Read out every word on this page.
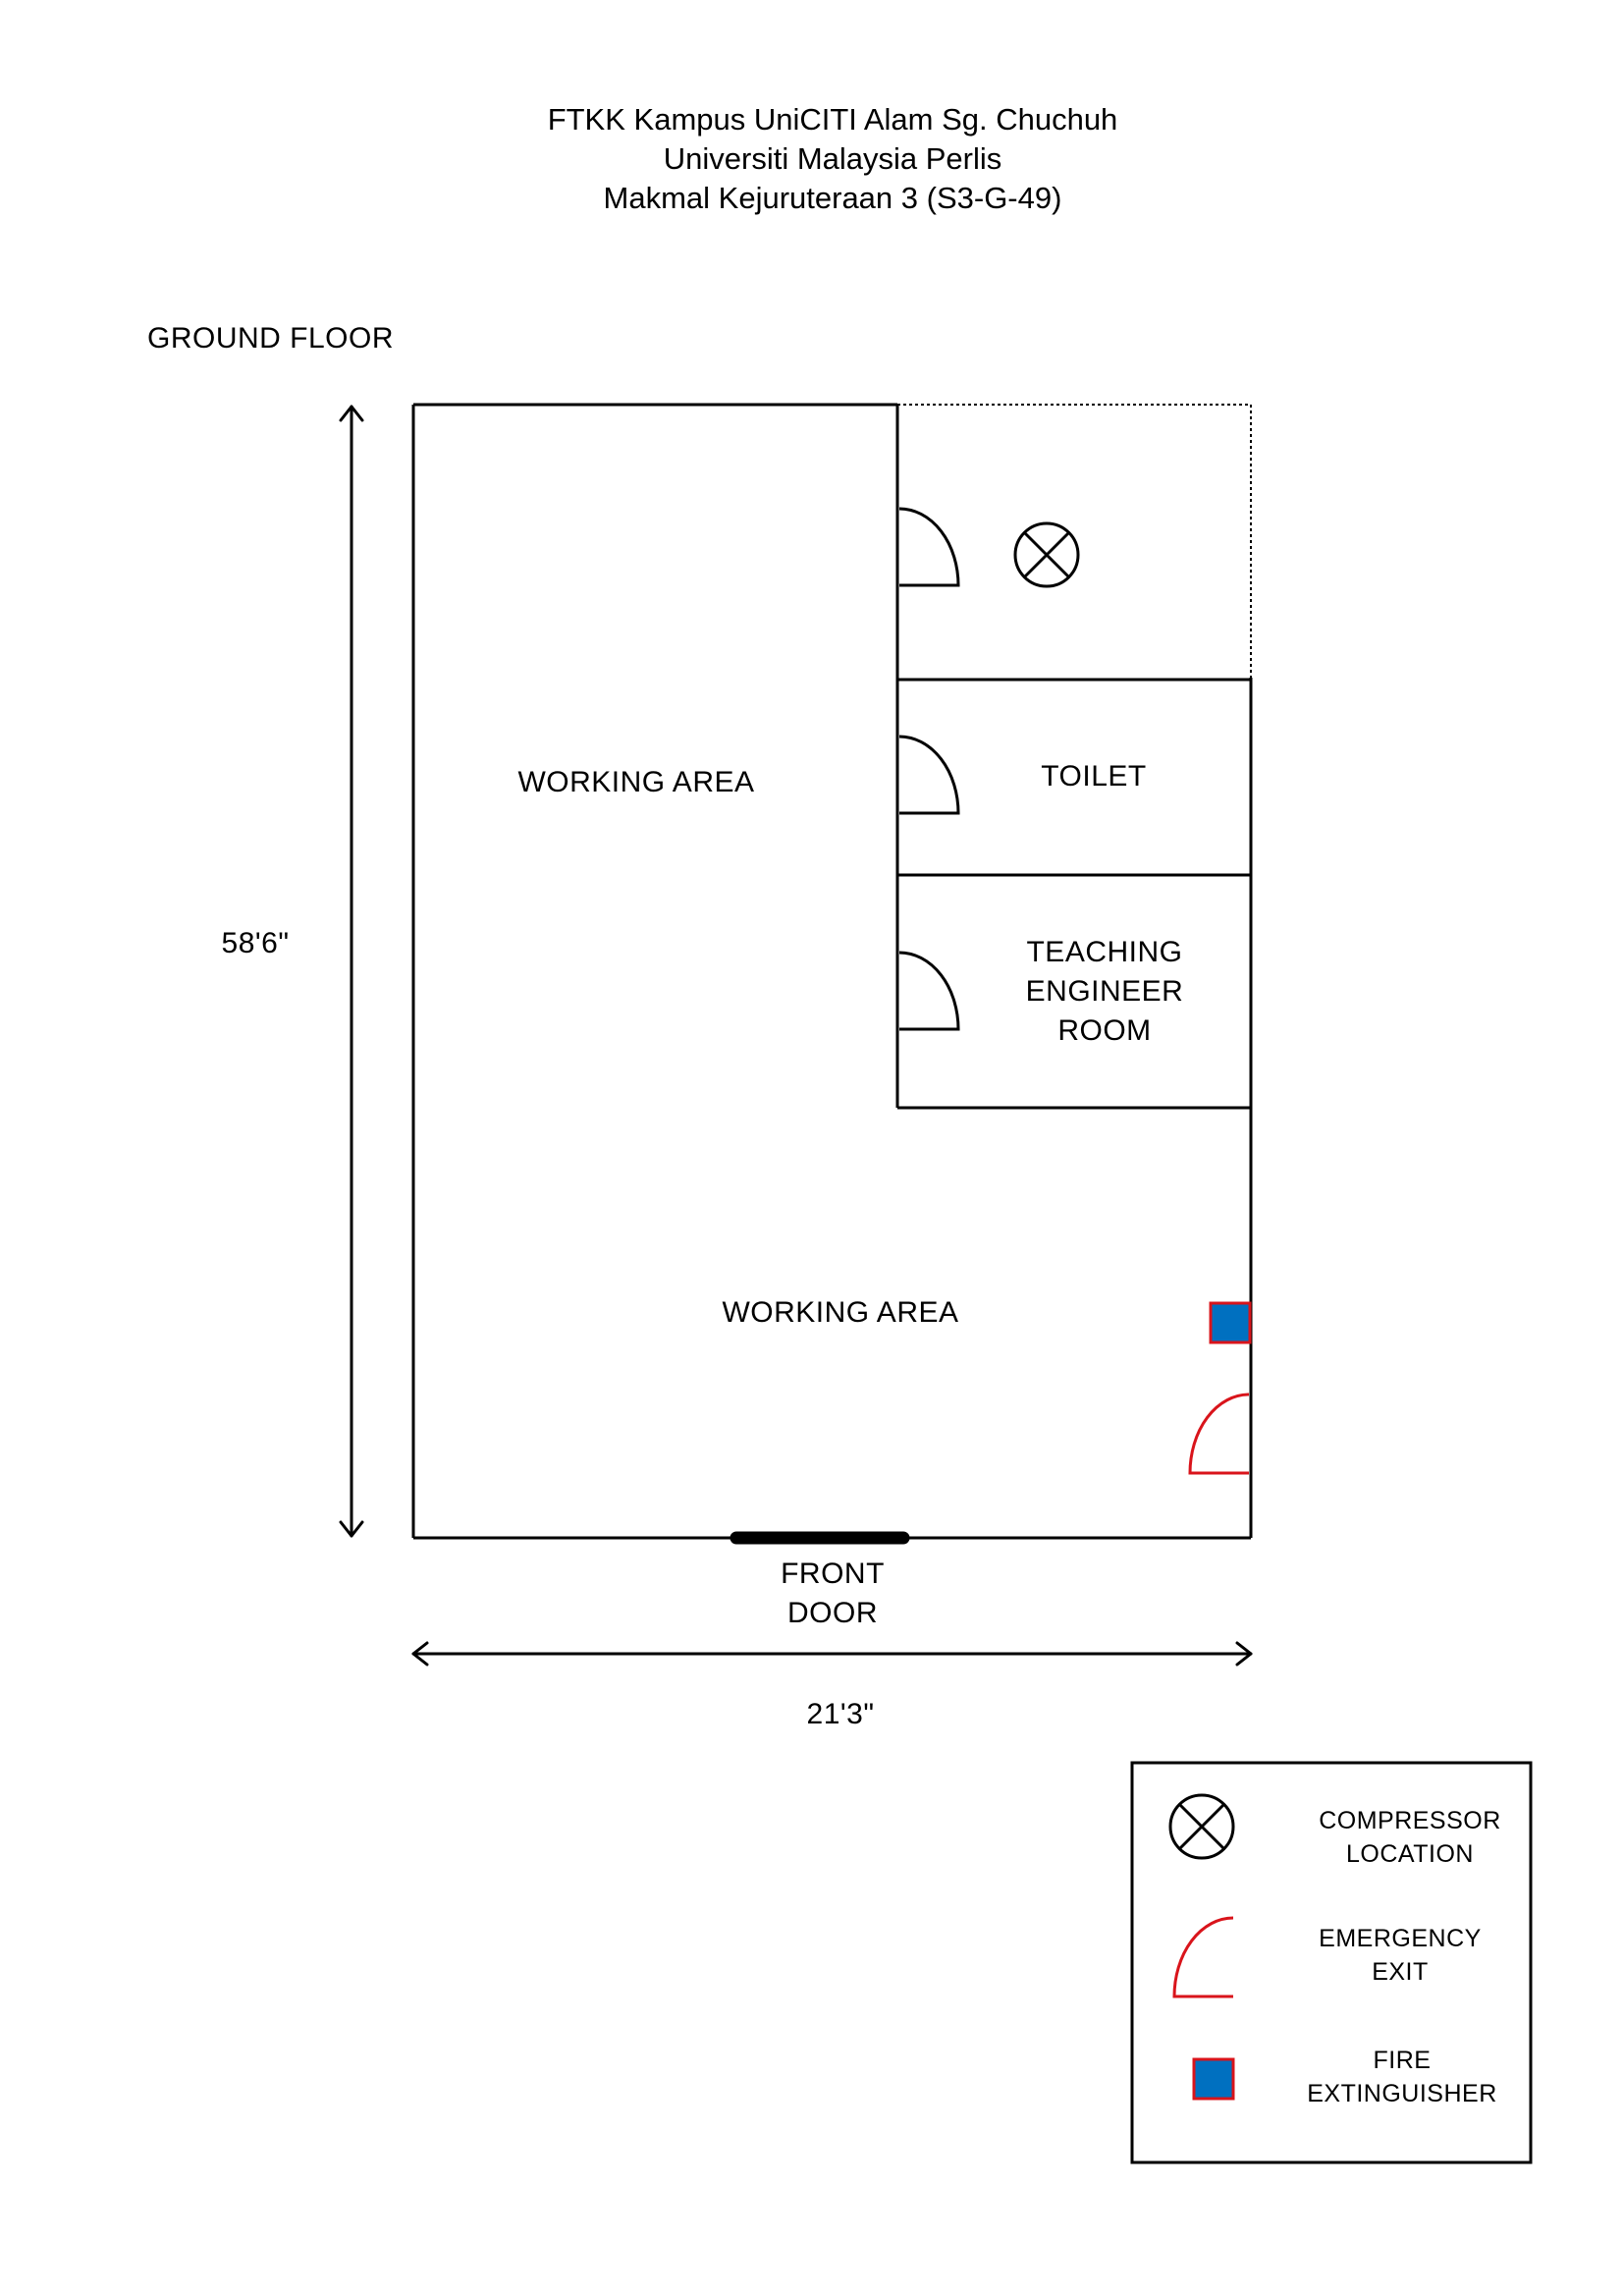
FTKK Kampus UniCITI Alam Sg. Chuchuh
Universiti Malaysia Perlis
Makmal Kejuruteraan 3 (S3-G-49)
GROUND FLOOR
WORKING AREA	TOILET
TEACHING
ENGINEER
ROOM
WORKING AREA
FRONT
DOOR
58'6"
21'3"
COMPRESSOR
LOCATION
EMERGENCY
EXIT
FIRE
EXTINGUISHER
